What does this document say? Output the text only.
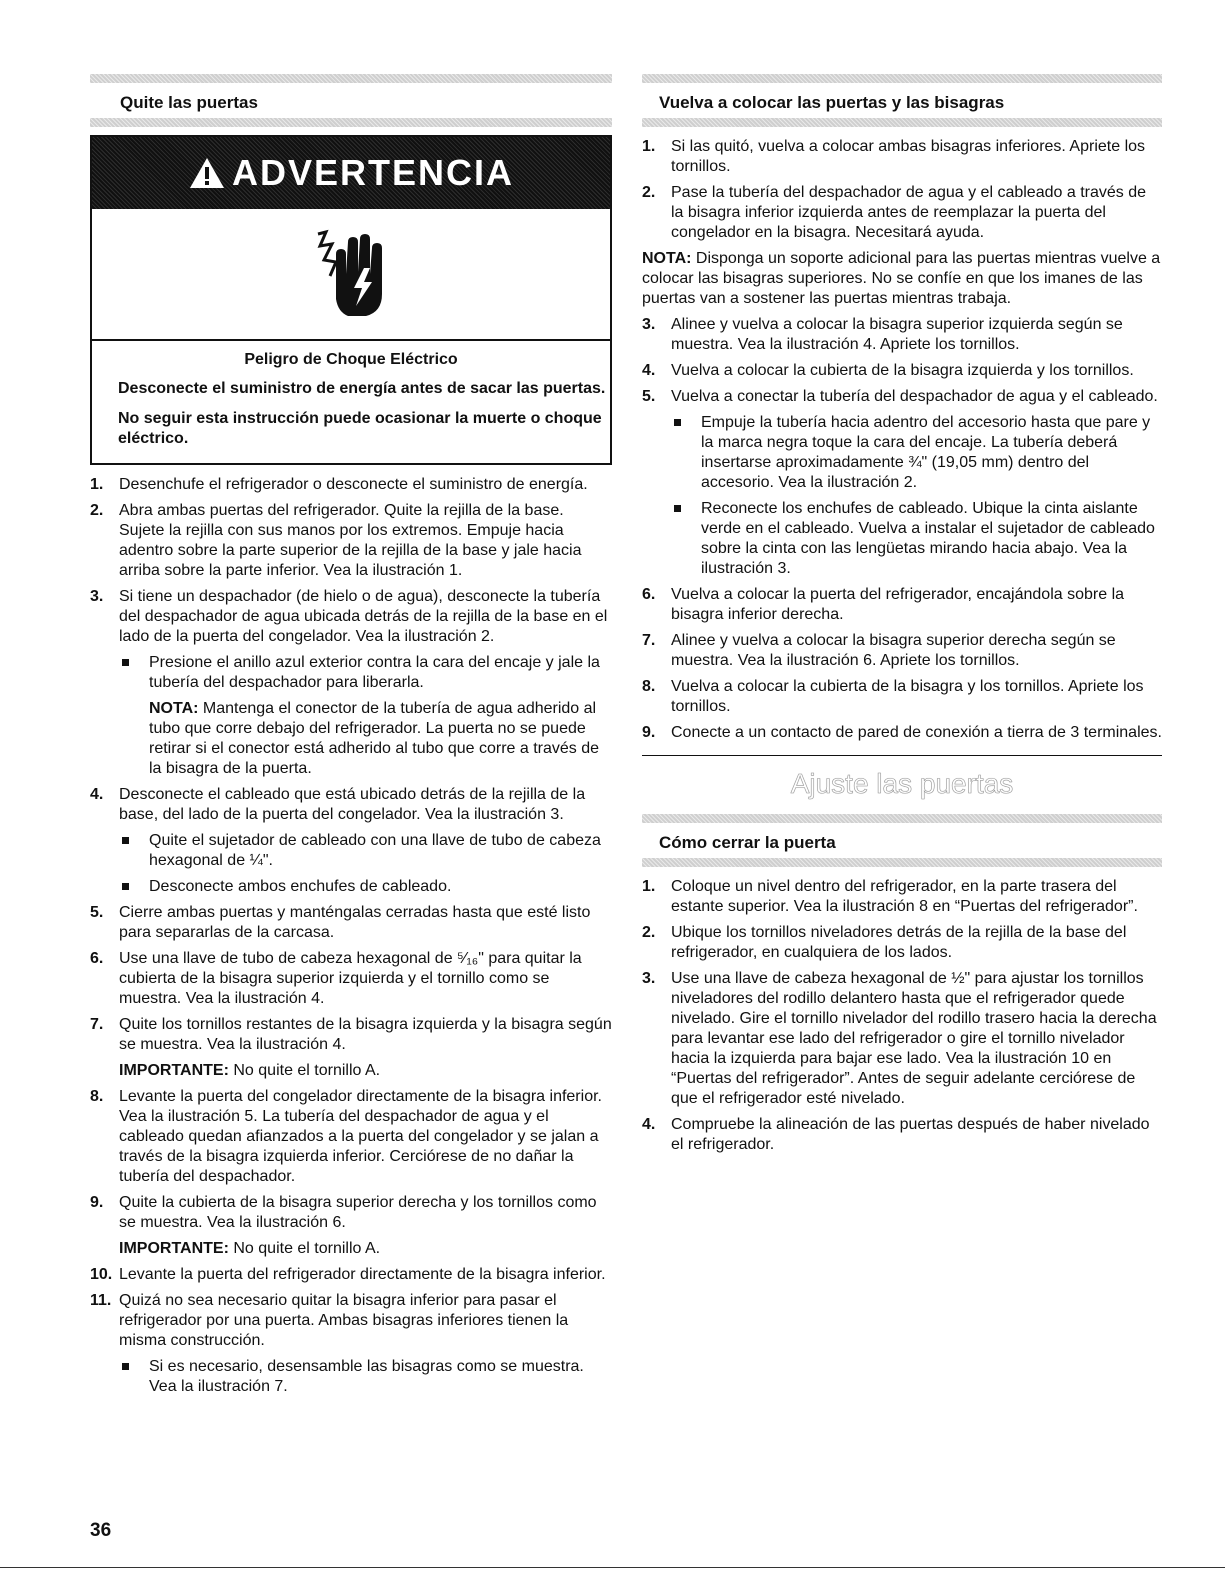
Quite las puertas
ADVERTENCIA
Peligro de Choque Eléctrico

Desconecte el suministro de energía antes de sacar las puertas.

No seguir esta instrucción puede ocasionar la muerte o choque eléctrico.

1. Desenchufe el refrigerador o desconecte el suministro de energía.
2. Abra ambas puertas del refrigerador. Quite la rejilla de la base. Sujete la rejilla con sus manos por los extremos. Empuje hacia adentro sobre la parte superior de la rejilla de la base y jale hacia arriba sobre la parte inferior. Vea la ilustración 1.
3. Si tiene un despachador (de hielo o de agua), desconecte la tubería del despachador de agua ubicada detrás de la rejilla de la base en el lado de la puerta del congelador. Vea la ilustración 2.
Presione el anillo azul exterior contra la cara del encaje y jale la tubería del despachador para liberarla.
NOTA: Mantenga el conector de la tubería de agua adherido al tubo que corre debajo del refrigerador. La puerta no se puede retirar si el conector está adherido al tubo que corre a través de la bisagra de la puerta.
4. Desconecte el cableado que está ubicado detrás de la rejilla de la base, del lado de la puerta del congelador. Vea la ilustración 3.
Quite el sujetador de cableado con una llave de tubo de cabeza hexagonal de ¼".
Desconecte ambos enchufes de cableado.
5. Cierre ambas puertas y manténgalas cerradas hasta que esté listo para separarlas de la carcasa.
6. Use una llave de tubo de cabeza hexagonal de ⁵⁄₁₆" para quitar la cubierta de la bisagra superior izquierda y el tornillo como se muestra. Vea la ilustración 4.
7. Quite los tornillos restantes de la bisagra izquierda y la bisagra según se muestra. Vea la ilustración 4.
IMPORTANTE: No quite el tornillo A.
8. Levante la puerta del congelador directamente de la bisagra inferior. Vea la ilustración 5. La tubería del despachador de agua y el cableado quedan afianzados a la puerta del congelador y se jalan a través de la bisagra izquierda inferior. Cerciórese de no dañar la tubería del despachador.
9. Quite la cubierta de la bisagra superior derecha y los tornillos como se muestra. Vea la ilustración 6.
IMPORTANTE: No quite el tornillo A.
10. Levante la puerta del refrigerador directamente de la bisagra inferior.
11. Quizá no sea necesario quitar la bisagra inferior para pasar el refrigerador por una puerta. Ambas bisagras inferiores tienen la misma construcción.
Si es necesario, desensamble las bisagras como se muestra. Vea la ilustración 7.
Vuelva a colocar las puertas y las bisagras
1. Si las quitó, vuelva a colocar ambas bisagras inferiores. Apriete los tornillos.
2. Pase la tubería del despachador de agua y el cableado a través de la bisagra inferior izquierda antes de reemplazar la puerta del congelador en la bisagra. Necesitará ayuda.
NOTA: Disponga un soporte adicional para las puertas mientras vuelve a colocar las bisagras superiores. No se confíe en que los imanes de las puertas van a sostener las puertas mientras trabaja.
3. Alinee y vuelva a colocar la bisagra superior izquierda según se muestra. Vea la ilustración 4. Apriete los tornillos.
4. Vuelva a colocar la cubierta de la bisagra izquierda y los tornillos.
5. Vuelva a conectar la tubería del despachador de agua y el cableado.
Empuje la tubería hacia adentro del accesorio hasta que pare y la marca negra toque la cara del encaje. La tubería deberá insertarse aproximadamente ¾" (19,05 mm) dentro del accesorio. Vea la ilustración 2.
Reconecte los enchufes de cableado. Ubique la cinta aislante verde en el cableado. Vuelva a instalar el sujetador de cableado sobre la cinta con las lengüetas mirando hacia abajo. Vea la ilustración 3.
6. Vuelva a colocar la puerta del refrigerador, encajándola sobre la bisagra inferior derecha.
7. Alinee y vuelva a colocar la bisagra superior derecha según se muestra. Vea la ilustración 6. Apriete los tornillos.
8. Vuelva a colocar la cubierta de la bisagra y los tornillos. Apriete los tornillos.
9. Conecte a un contacto de pared de conexión a tierra de 3 terminales.
Ajuste las puertas
Cómo cerrar la puerta
1. Coloque un nivel dentro del refrigerador, en la parte trasera del estante superior. Vea la ilustración 8 en “Puertas del refrigerador”.
2. Ubique los tornillos niveladores detrás de la rejilla de la base del refrigerador, en cualquiera de los lados.
3. Use una llave de cabeza hexagonal de ½" para ajustar los tornillos niveladores del rodillo delantero hasta que el refrigerador quede nivelado. Gire el tornillo nivelador del rodillo trasero hacia la derecha para levantar ese lado del refrigerador o gire el tornillo nivelador hacia la izquierda para bajar ese lado. Vea la ilustración 10 en “Puertas del refrigerador”. Antes de seguir adelante cerciórese de que el refrigerador esté nivelado.
4. Compruebe la alineación de las puertas después de haber nivelado el refrigerador.
36
